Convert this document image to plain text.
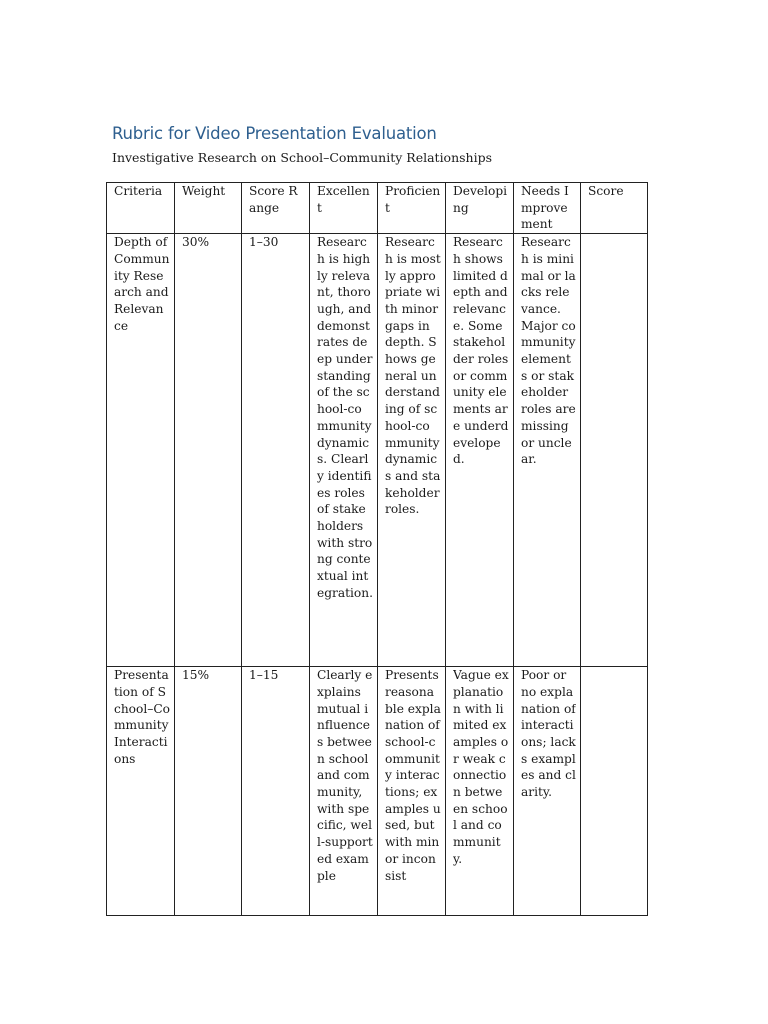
Rubric for Video Presentation Evaluation
Investigative Research on School–Community Relationships
Criteria	Weight	Score Range	Excellent	Proficient	Developing	Needs Improvement	Score
Depth of Community Research and Relevance	30%	1–30	Research is highly relevant, thorough, and demonstrates deep understanding of the school-community dynamics. Clearly identifies roles of stakeholders with strong contextual integration.	Research is mostly appropriate with minor gaps in depth. Shows general understanding of school-community dynamics and stakeholder roles.	Research shows limited depth and relevance. Some stakeholder roles or community elements are underdeveloped.	Research is minimal or lacks relevance. Major community elements or stakeholder roles are missing or unclear.	

Presentation of School–Community Interactions	15%	1–15	Clearly explains mutual influences between school and community, with specific, well-supported example	Presents reasonable explanation of school-community interactions; examples used, but with minor inconsist	Vague explanation with limited examples or weak connection between school and community.	Poor or no explanation of interactions; lacks examples and clarity.	
